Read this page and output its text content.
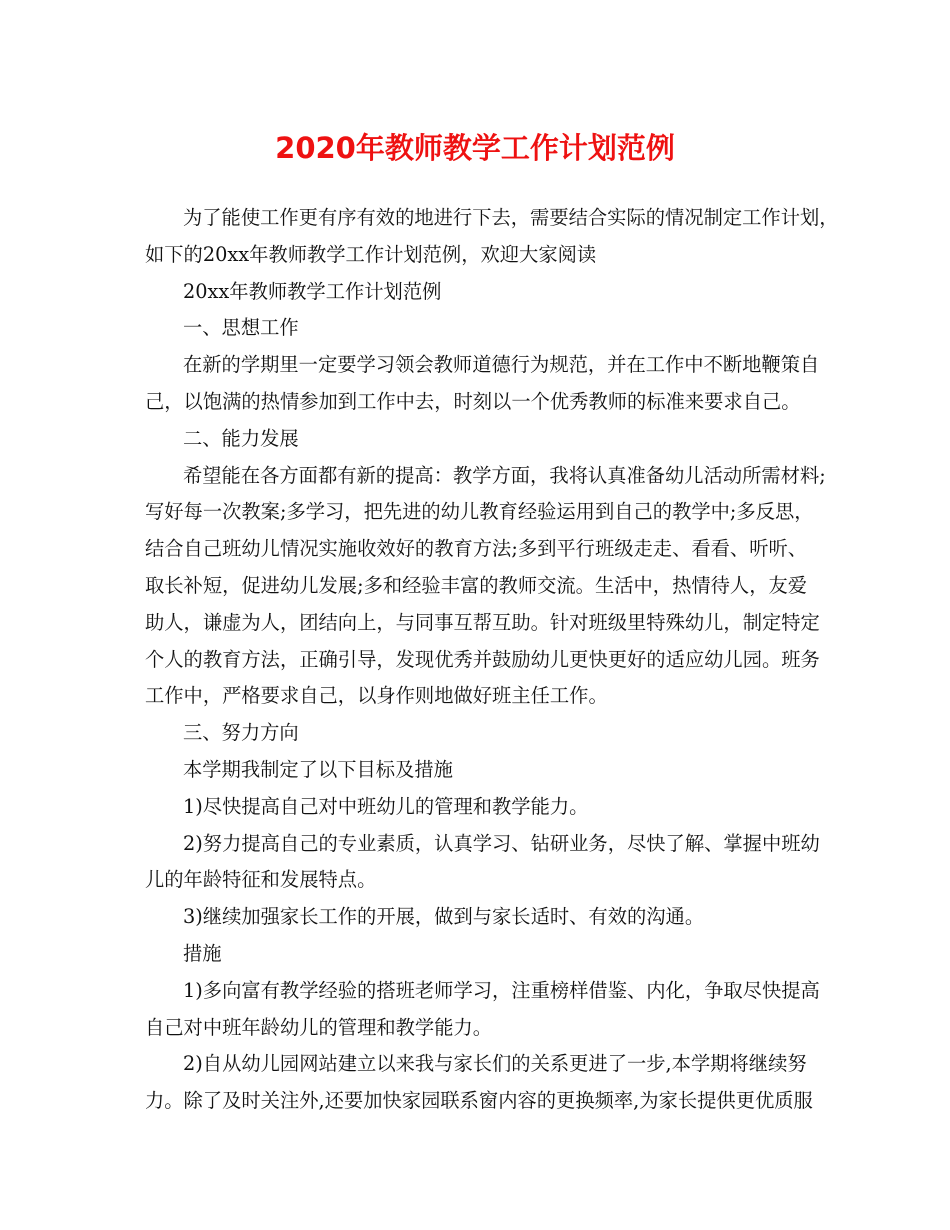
2020年教师教学工作计划范例

为了能使工作更有序有效的地进行下去，需要结合实际的情况制定工作计划，

如下的20xx年教师教学工作计划范例，欢迎大家阅读

20xx年教师教学工作计划范例

一、思想工作

在新的学期里一定要学习领会教师道德行为规范，并在工作中不断地鞭策自

己，以饱满的热情参加到工作中去，时刻以一个优秀教师的标准来要求自己。

二、能力发展

希望能在各方面都有新的提高：教学方面，我将认真准备幼儿活动所需材料;

写好每一次教案;多学习，把先进的幼儿教育经验运用到自己的教学中;多反思，

结合自己班幼儿情况实施收效好的教育方法;多到平行班级走走、看看、听听、

取长补短，促进幼儿发展;多和经验丰富的教师交流。生活中，热情待人，友爱

助人，谦虚为人，团结向上，与同事互帮互助。针对班级里特殊幼儿，制定特定

个人的教育方法，正确引导，发现优秀并鼓励幼儿更快更好的适应幼儿园。班务

工作中，严格要求自己，以身作则地做好班主任工作。

三、努力方向

本学期我制定了以下目标及措施

1)尽快提高自己对中班幼儿的管理和教学能力。

2)努力提高自己的专业素质，认真学习、钻研业务，尽快了解、掌握中班幼

儿的年龄特征和发展特点。

3)继续加强家长工作的开展，做到与家长适时、有效的沟通。

措施

1)多向富有教学经验的搭班老师学习，注重榜样借鉴、内化，争取尽快提高

自己对中班年龄幼儿的管理和教学能力。

2)自从幼儿园网站建立以来我与家长们的关系更进了一步,本学期将继续努

力。除了及时关注外,还要加快家园联系窗内容的更换频率,为家长提供更优质服
